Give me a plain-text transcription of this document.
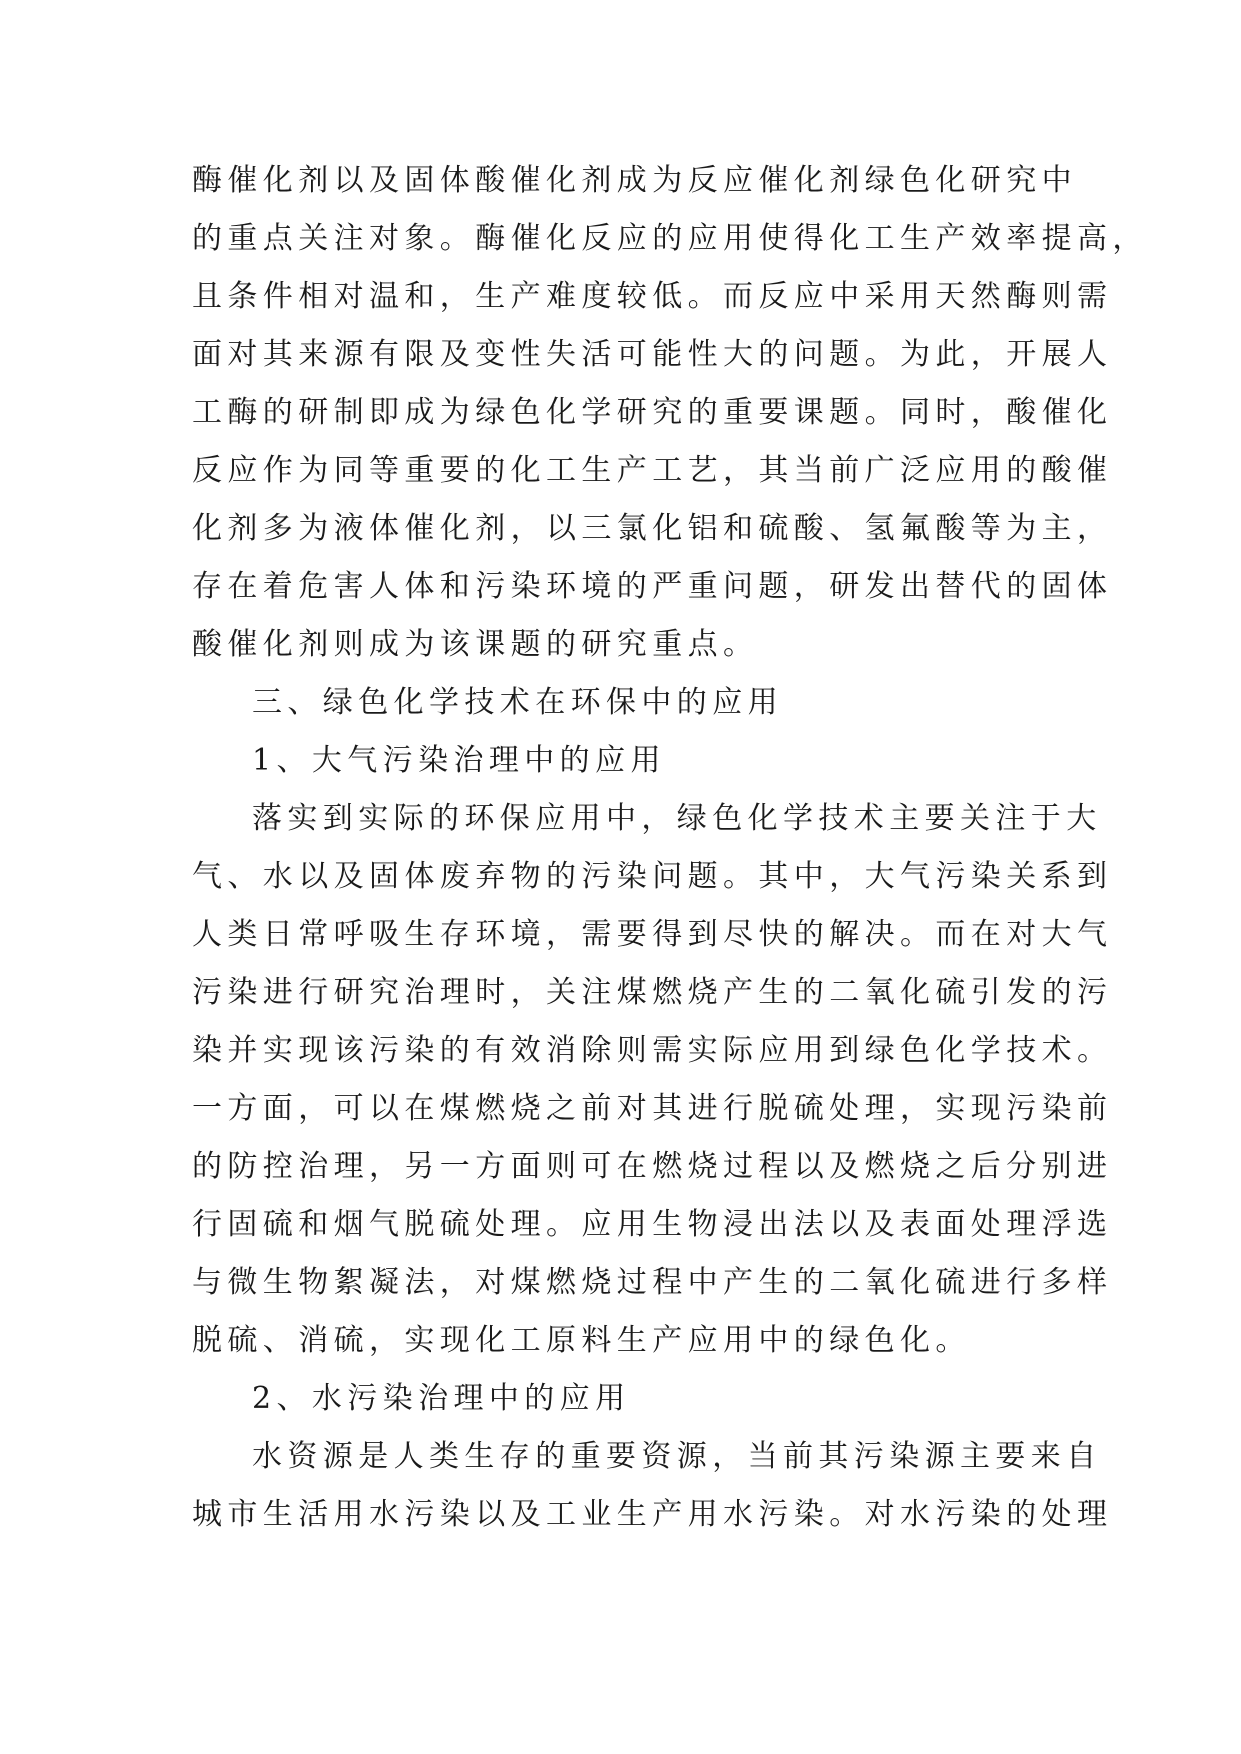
酶催化剂以及固体酸催化剂成为反应催化剂绿色化研究中
的重点关注对象。酶催化反应的应用使得化工生产效率提高，
且条件相对温和，生产难度较低。而反应中采用天然酶则需
面对其来源有限及变性失活可能性大的问题。为此，开展人
工酶的研制即成为绿色化学研究的重要课题。同时，酸催化
反应作为同等重要的化工生产工艺，其当前广泛应用的酸催
化剂多为液体催化剂，以三氯化铝和硫酸、氢氟酸等为主，
存在着危害人体和污染环境的严重问题，研发出替代的固体
酸催化剂则成为该课题的研究重点。
三、绿色化学技术在环保中的应用
1、大气污染治理中的应用
落实到实际的环保应用中，绿色化学技术主要关注于大
气、水以及固体废弃物的污染问题。其中，大气污染关系到
人类日常呼吸生存环境，需要得到尽快的解决。而在对大气
污染进行研究治理时，关注煤燃烧产生的二氧化硫引发的污
染并实现该污染的有效消除则需实际应用到绿色化学技术。
一方面，可以在煤燃烧之前对其进行脱硫处理，实现污染前
的防控治理，另一方面则可在燃烧过程以及燃烧之后分别进
行固硫和烟气脱硫处理。应用生物浸出法以及表面处理浮选
与微生物絮凝法，对煤燃烧过程中产生的二氧化硫进行多样
脱硫、消硫，实现化工原料生产应用中的绿色化。
2、水污染治理中的应用
水资源是人类生存的重要资源，当前其污染源主要来自
城市生活用水污染以及工业生产用水污染。对水污染的处理
